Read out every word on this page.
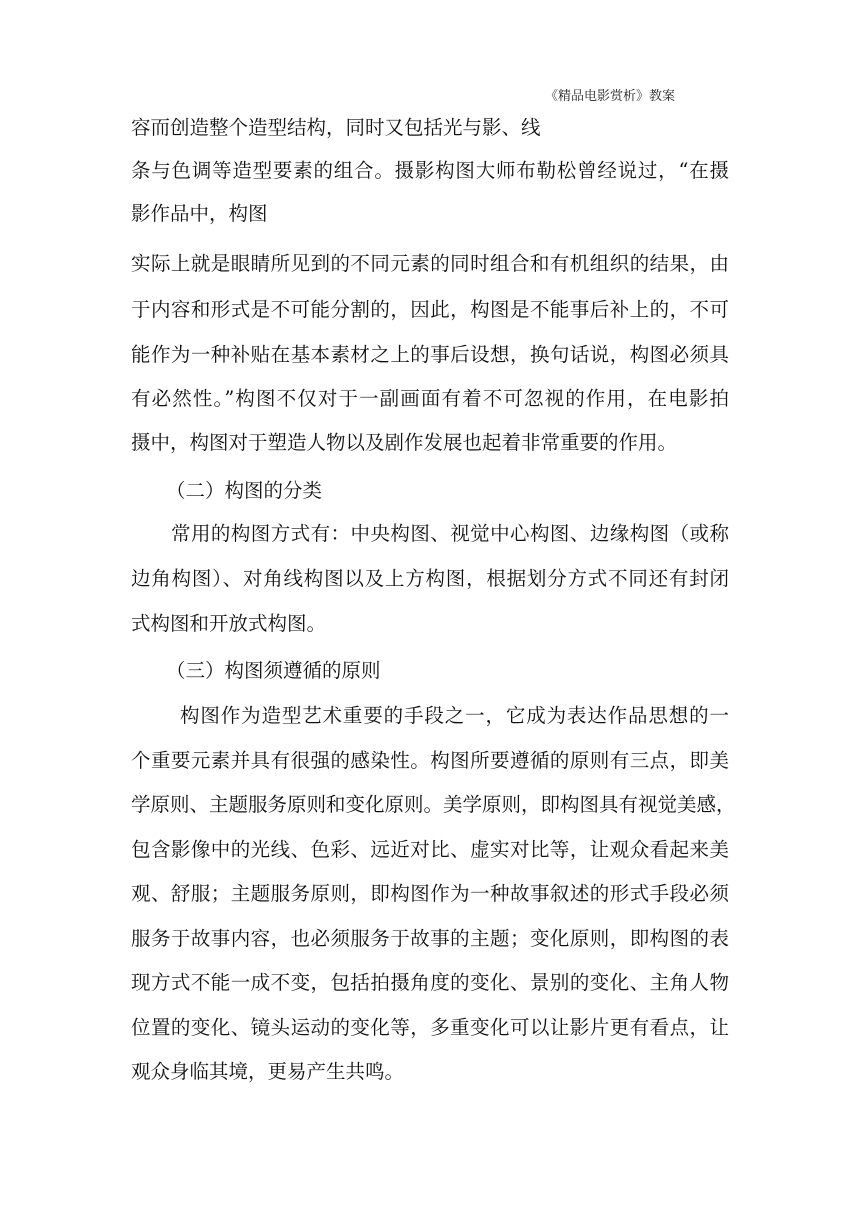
《精品电影赏析》教案
容而创造整个造型结构，同时又包括光与影、线
条与色调等造型要素的组合。摄影构图大师布勒松曾经说过，“在摄
影作品中，构图
实际上就是眼睛所见到的不同元素的同时组合和有机组织的结果，由
于内容和形式是不可能分割的，因此，构图是不能事后补上的，不可
能作为一种补贴在基本素材之上的事后设想，换句话说，构图必须具
有必然性。”构图不仅对于一副画面有着不可忽视的作用，在电影拍
摄中，构图对于塑造人物以及剧作发展也起着非常重要的作用。
（二）构图的分类
常用的构图方式有：中央构图、视觉中心构图、边缘构图（或称
边角构图）、对角线构图以及上方构图，根据划分方式不同还有封闭
式构图和开放式构图。
（三）构图须遵循的原则
构图作为造型艺术重要的手段之一，它成为表达作品思想的一
个重要元素并具有很强的感染性。构图所要遵循的原则有三点，即美
学原则、主题服务原则和变化原则。美学原则，即构图具有视觉美感，
包含影像中的光线、色彩、远近对比、虚实对比等，让观众看起来美
观、舒服；主题服务原则，即构图作为一种故事叙述的形式手段必须
服务于故事内容，也必须服务于故事的主题；变化原则，即构图的表
现方式不能一成不变，包括拍摄角度的变化、景别的变化、主角人物
位置的变化、镜头运动的变化等，多重变化可以让影片更有看点，让
观众身临其境，更易产生共鸣。
